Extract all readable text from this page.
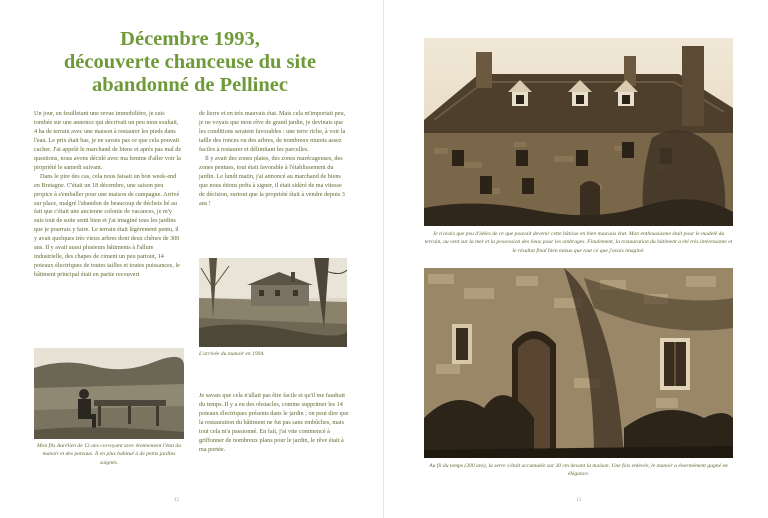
Décembre 1993,
découverte chanceuse du site
abandonné de Pellinec

Un jour, en feuilletant une revue immobilière, je suis tombée sur une annonce qui décrivait un peu mon souhait, 4 ha de terrain avec une maison à restaurer les pieds dans l'eau. Le prix était bas, je ne savais pas ce que cela pouvait cacher. J'ai appelé le marchand de biens et après pas mal de questions, nous avons décidé avec ma femme d'aller voir la propriété le samedi suivant.

Dans le pire des cas, cela nous faisait un bon week-end en Bretagne. C'était un 18 décembre, une saison peu propice à s'emballer pour une maison de campagne. Arrivé sur place, malgré l'abandon de beaucoup de déchets lié au fait que c'était une ancienne colonie de vacances, je m'y suis tout de suite senti bien et j'ai imaginé tous les jardins que je pourrais y faire. Le terrain était légèrement pentu, il y avait quelques très vieux arbres dont deux chênes de 300 ans. Il y avait aussi plusieurs bâtiments à l'allure industrielle, des chapes de ciment un peu partout, 14 poteaux électriques de toutes tailles et toutes puissances, le bâtiment principal était en partie recouvert

de lierre et en très mauvais état. Mais cela m'importait peu, je ne voyais que mon rêve de grand jardin, je devinais que les conditions seraient favorables : une terre riche, à voir la taille des ronces ou des arbres, de nombreux murets assez faciles à restaurer et délimitant les parcelles.

Il y avait des zones plates, des zones marécageuses, des zones pentues, tout était favorable à l'établissement du jardin. Le lundi matin, j'ai annoncé au marchand de biens que nous étions prêts à signer, il était sidéré de ma vitesse de décision, surtout que la propriété était à vendre depuis 3 ans !

L'arrivée du manoir en 1994.

Je savais que cela n'allait pas être facile et qu'il me faudrait du temps. Il y a eu des obstacles, comme supprimer les 14 poteaux électriques présents dans le jardin ; on peut dire que la restauration du bâtiment ne fut pas sans embûches, mais tout cela m'a passionné. En fait, j'ai vite commencé à griffonner de nombreux plans pour le jardin, le rêve était à ma portée.

Mon fils Aurélien de 13 ans corvoyant avec étonnement l'état du manoir et des poteaux. Il en plus habitué à de petits jardins soignés.

12

Je n'avais que peu d'idées de ce que pouvait devenir cette bâtisse en bien mauvais état. Mon enthousiasme était pour le modelé du terrain, au vent sur la mer et la possession des lieux pour les ombrages. Finalement, la restauration du bâtiment a été très intéressante et le résultat final bien mieux que tout ce que j'avais imaginé.

Au fil du temps (300 ans), la serre s'était accumulée sur 30 cm devant la maison. Une fois enlevée, le manoir a énormément gagné en élégance.

13
